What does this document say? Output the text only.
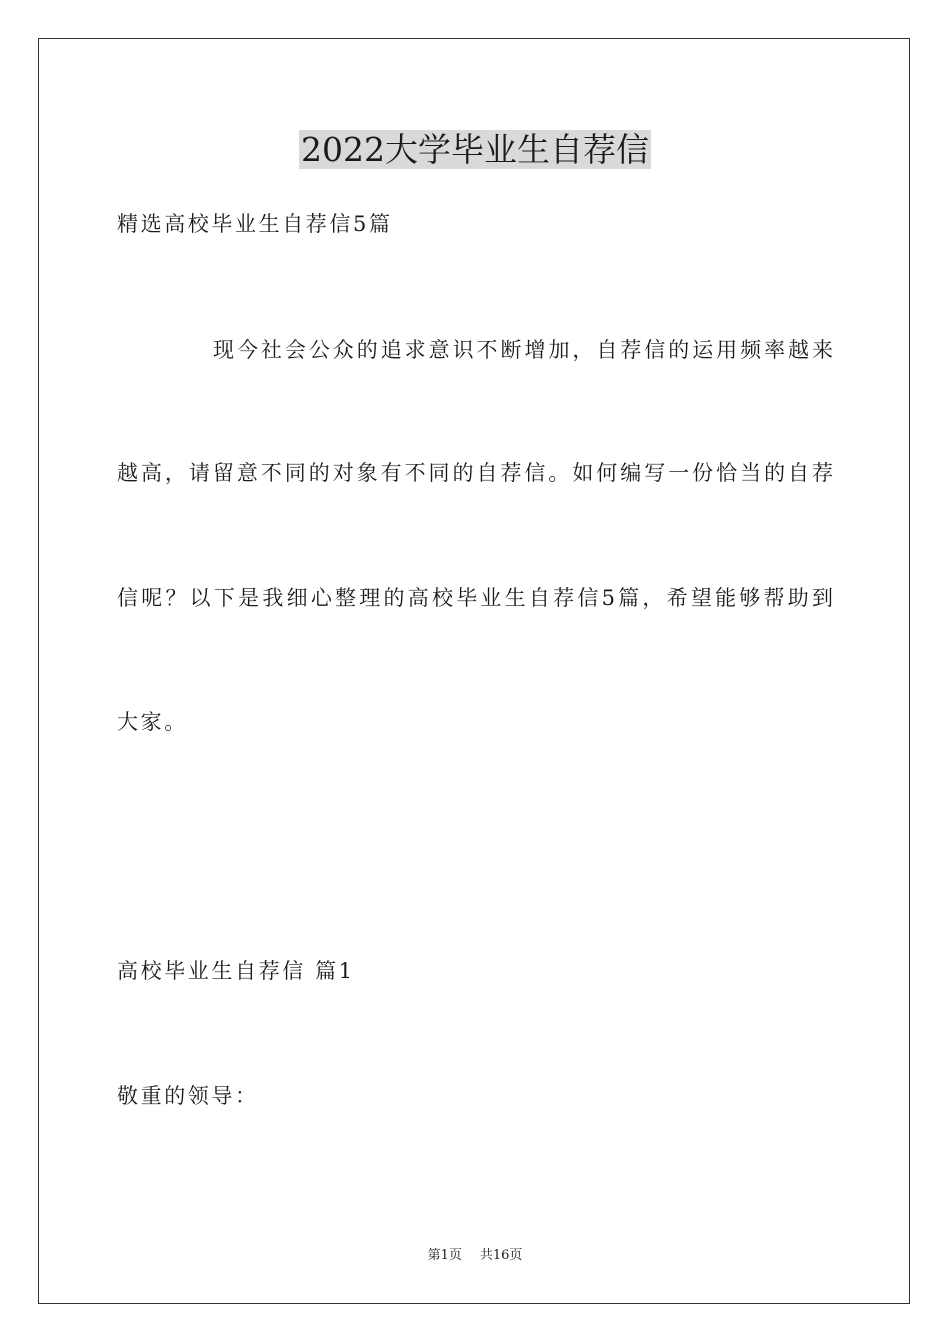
2022大学毕业生自荐信
精选高校毕业生自荐信5篇
现今社会公众的追求意识不断增加，自荐信的运用频率越来
越高，请留意不同的对象有不同的自荐信。如何编写一份恰当的自荐
信呢？以下是我细心整理的高校毕业生自荐信5篇，希望能够帮助到
大家。
高校毕业生自荐信 篇1
敬重的领导：
第1页 共16页
